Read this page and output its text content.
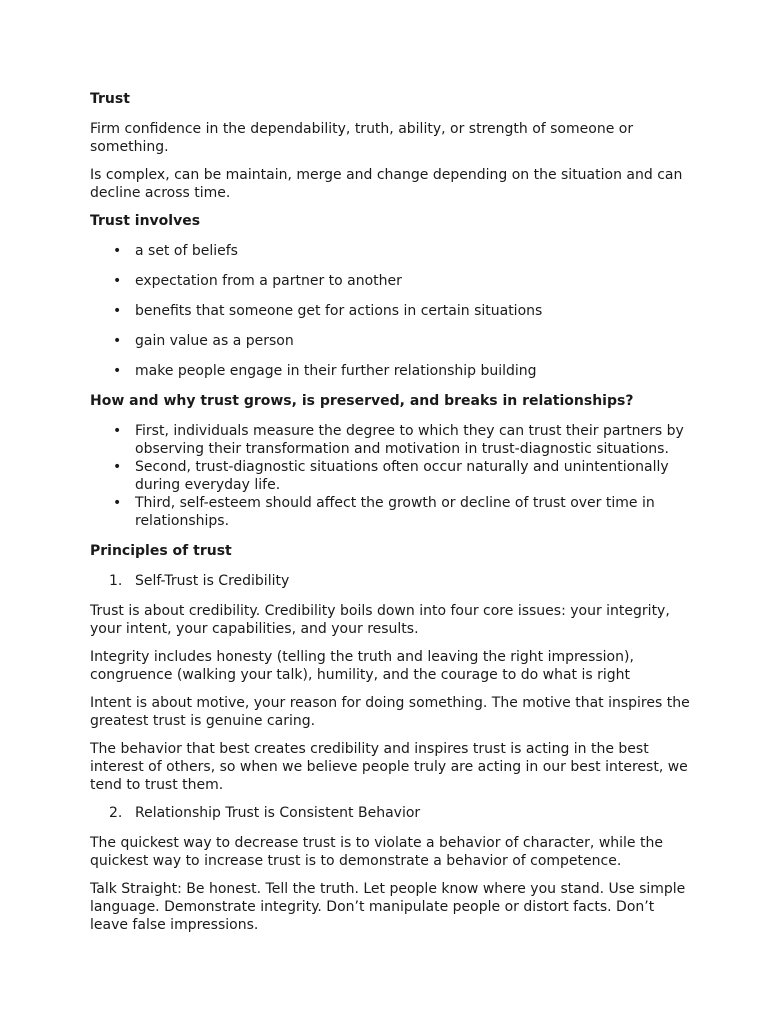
Trust

Firm confidence in the dependability, truth, ability, or strength of someone or something.

Is complex, can be maintain, merge and change depending on the situation and can decline across time.

Trust involves
• a set of beliefs
• expectation from a partner to another
• benefits that someone get for actions in certain situations
• gain value as a person
• make people engage in their further relationship building
How and why trust grows, is preserved, and breaks in relationships?
• First, individuals measure the degree to which they can trust their partners by observing their transformation and motivation in trust-diagnostic situations.
• Second, trust-diagnostic situations often occur naturally and unintentionally during everyday life.
• Third, self-esteem should affect the growth or decline of trust over time in relationships.
Principles of trust
1. Self-Trust is Credibility

Trust is about credibility. Credibility boils down into four core issues: your integrity, your intent, your capabilities, and your results.

Integrity includes honesty (telling the truth and leaving the right impression), congruence (walking your talk), humility, and the courage to do what is right

Intent is about motive, your reason for doing something. The motive that inspires the greatest trust is genuine caring.

The behavior that best creates credibility and inspires trust is acting in the best interest of others, so when we believe people truly are acting in our best interest, we tend to trust them.

2. Relationship Trust is Consistent Behavior

The quickest way to decrease trust is to violate a behavior of character, while the quickest way to increase trust is to demonstrate a behavior of competence.

Talk Straight: Be honest. Tell the truth. Let people know where you stand. Use simple language. Demonstrate integrity. Don’t manipulate people or distort facts. Don’t leave false impressions.
